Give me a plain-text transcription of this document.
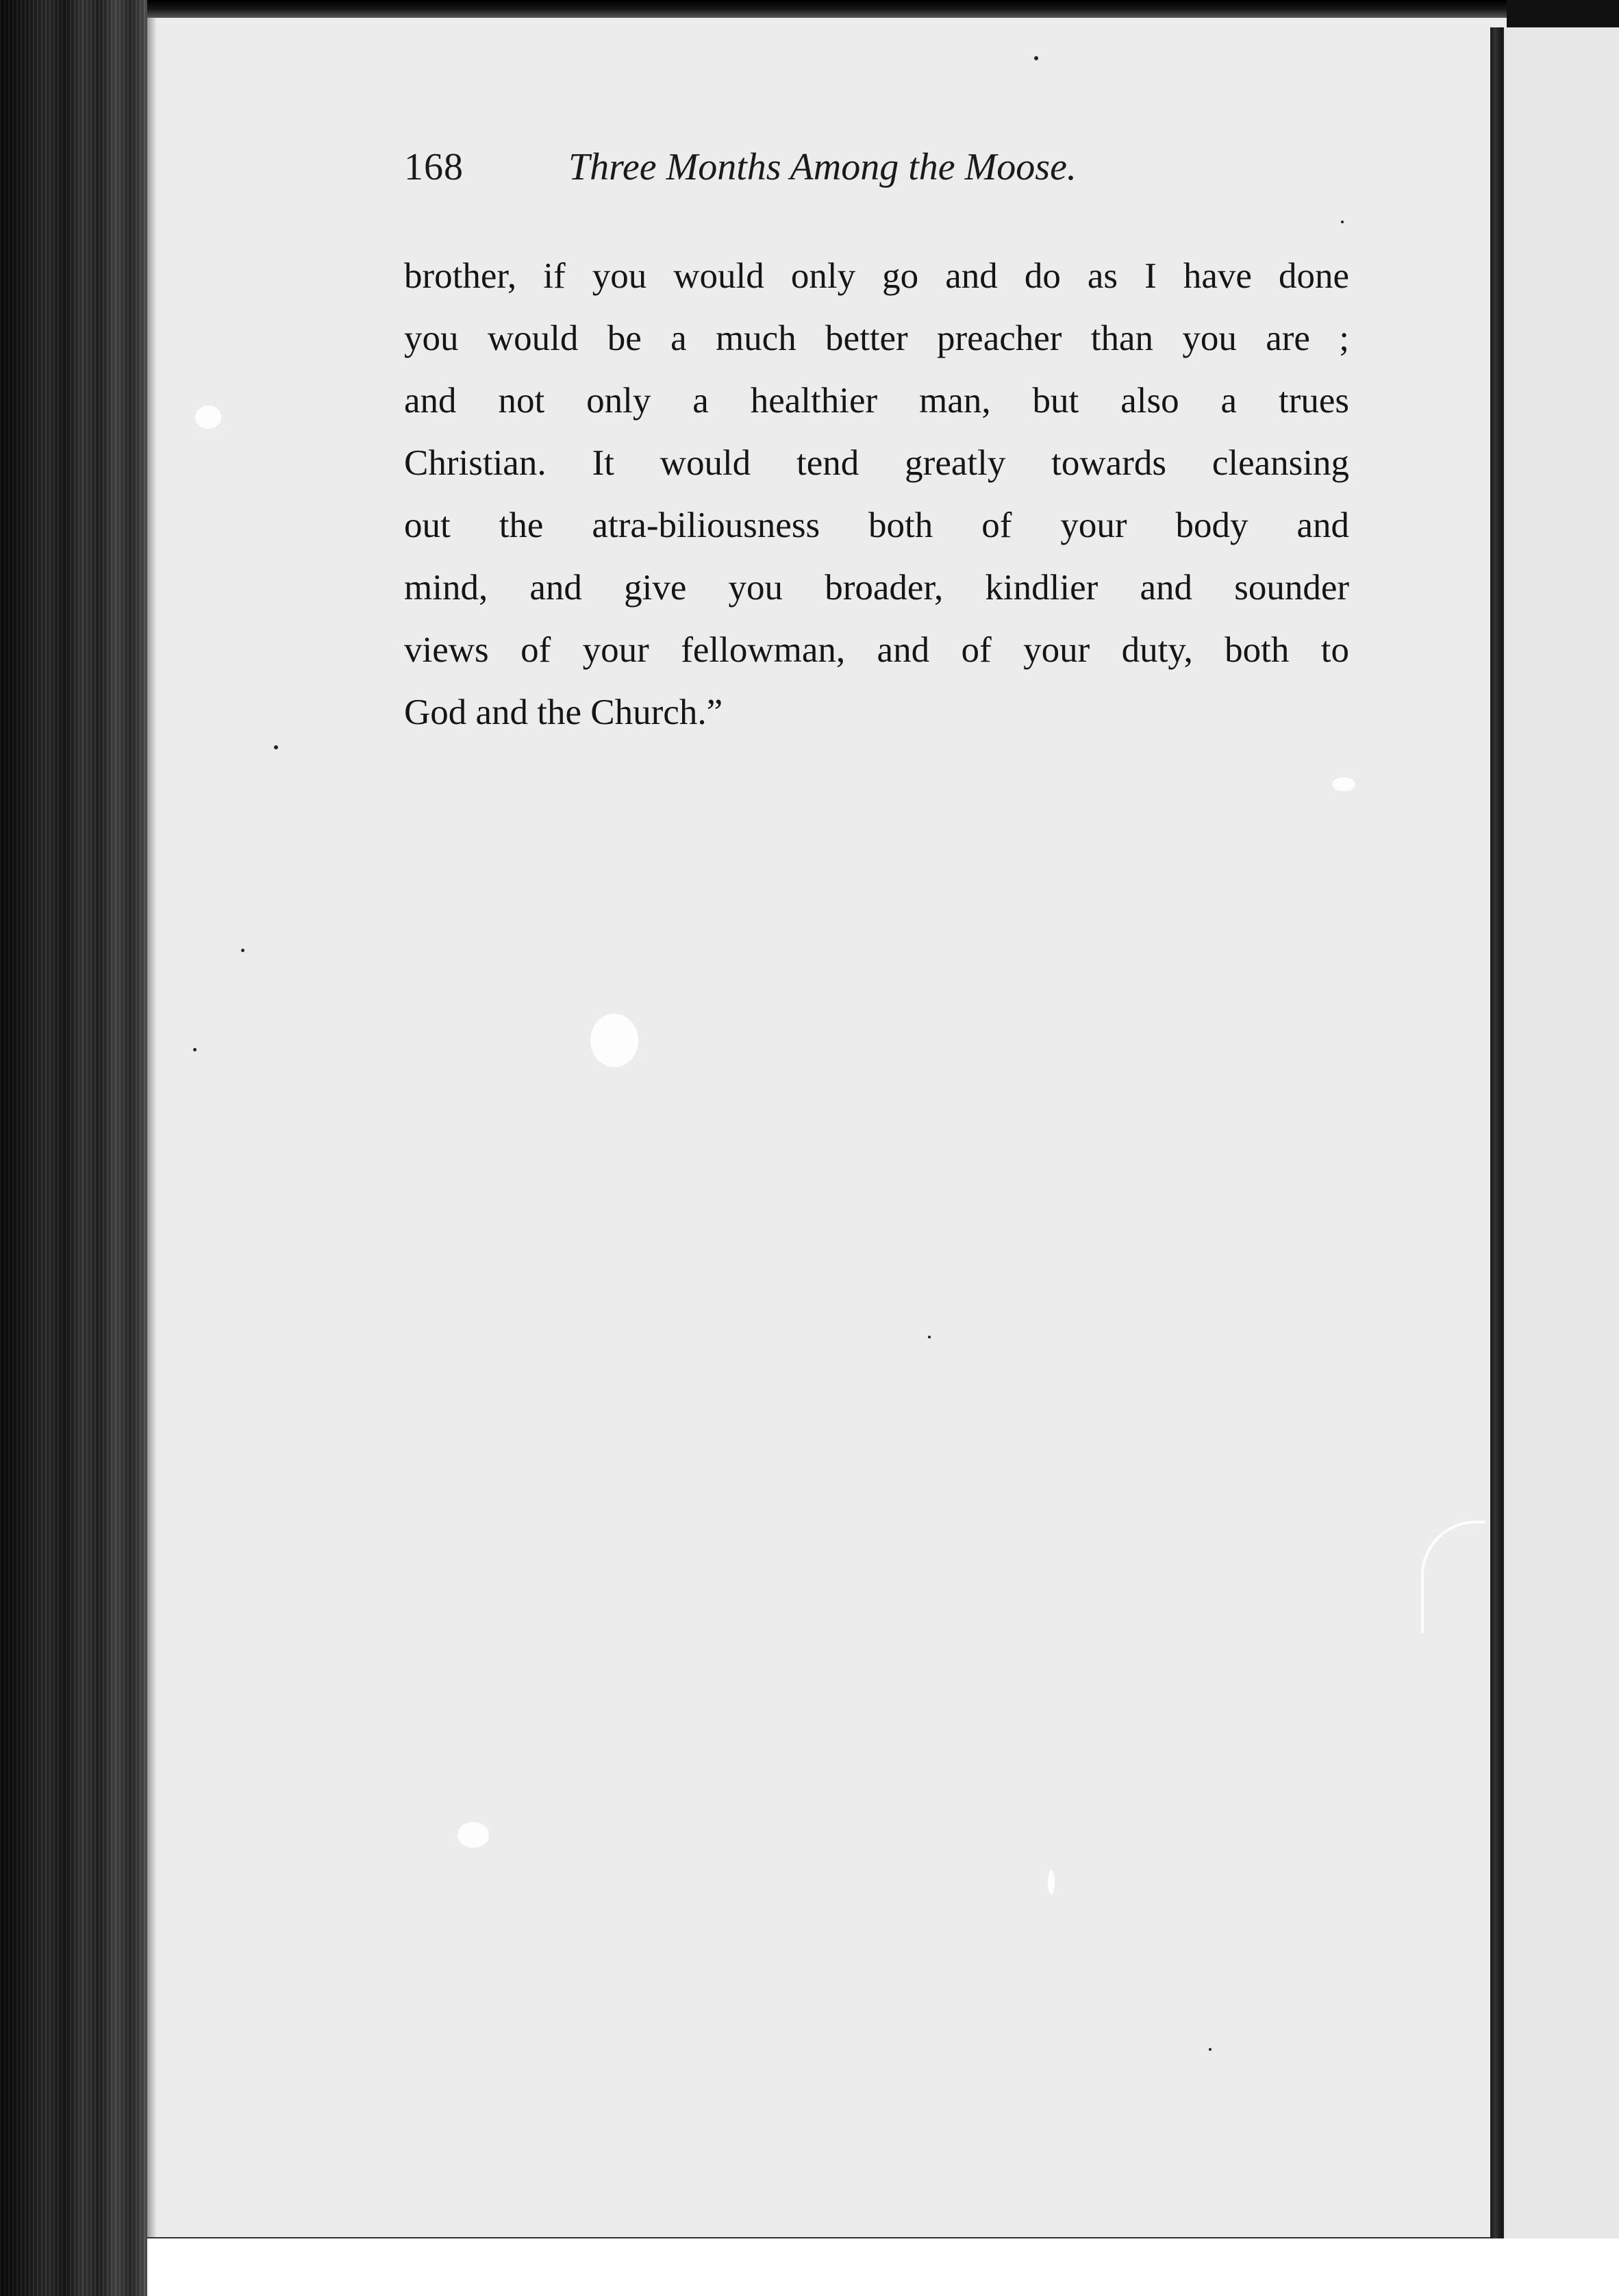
168	Three Months Among the Moose.
brother, if you would only go and do as I have done
you would be a much better preacher than you are ;
and not only a healthier man, but also a trues
Christian. It would tend greatly towards cleansing
out the atra-biliousness both of your body and
mind, and give you broader, kindlier and sounder
views of your fellowman, and of your duty, both to
God and the Church.”
